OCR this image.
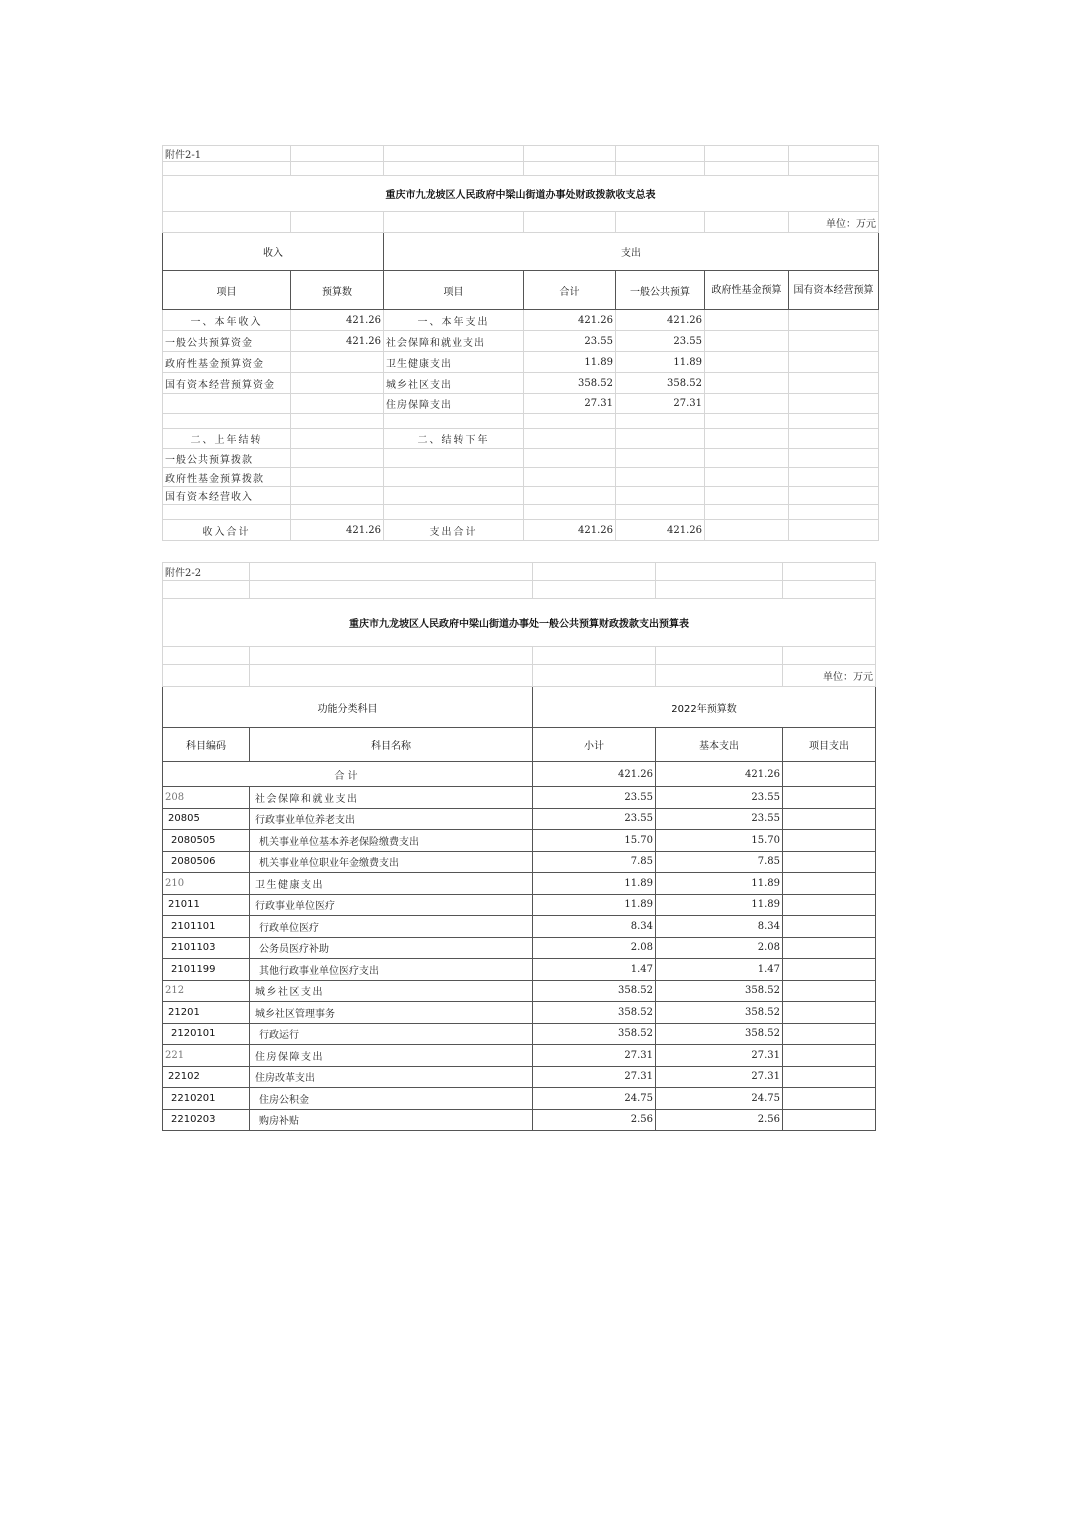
附件2-1						

重庆市九龙坡区人民政府中梁山街道办事处财政拨款收支总表						
						单位：万元
收入		支出				
项目	预算数	项目	合计	一般公共预算	政府性基金预算	国有资本经营预算
一、本年收入	421.26	一、本年支出	421.26	421.26		
一般公共预算资金	421.26	社会保障和就业支出	23.55	23.55		
政府性基金预算资金		卫生健康支出	11.89	11.89		
国有资本经营预算资金		城乡社区支出	358.52	358.52		
		住房保障支出	27.31	27.31		

二、上年结转		二、结转下年				
一般公共预算拨款						
政府性基金预算拨款						
国有资本经营收入						

收入合计	421.26	支出合计	421.26	421.26		
附件2-2				

重庆市九龙坡区人民政府中梁山街道办事处一般公共预算财政拨款支出预算表				

				单位：万元
功能分类科目		2022年预算数		
科目编码	科目名称	小计	基本支出	项目支出
合计		421.26	421.26	
208	社会保障和就业支出	23.55	23.55	
20805	行政事业单位养老支出	23.55	23.55	
2080505	机关事业单位基本养老保险缴费支出	15.70	15.70	
2080506	机关事业单位职业年金缴费支出	7.85	7.85	
210	卫生健康支出	11.89	11.89	
21011	行政事业单位医疗	11.89	11.89	
2101101	行政单位医疗	8.34	8.34	
2101103	公务员医疗补助	2.08	2.08	
2101199	其他行政事业单位医疗支出	1.47	1.47	
212	城乡社区支出	358.52	358.52	
21201	城乡社区管理事务	358.52	358.52	
2120101	行政运行	358.52	358.52	
221	住房保障支出	27.31	27.31	
22102	住房改革支出	27.31	27.31	
2210201	住房公积金	24.75	24.75	
2210203	购房补贴	2.56	2.56	
